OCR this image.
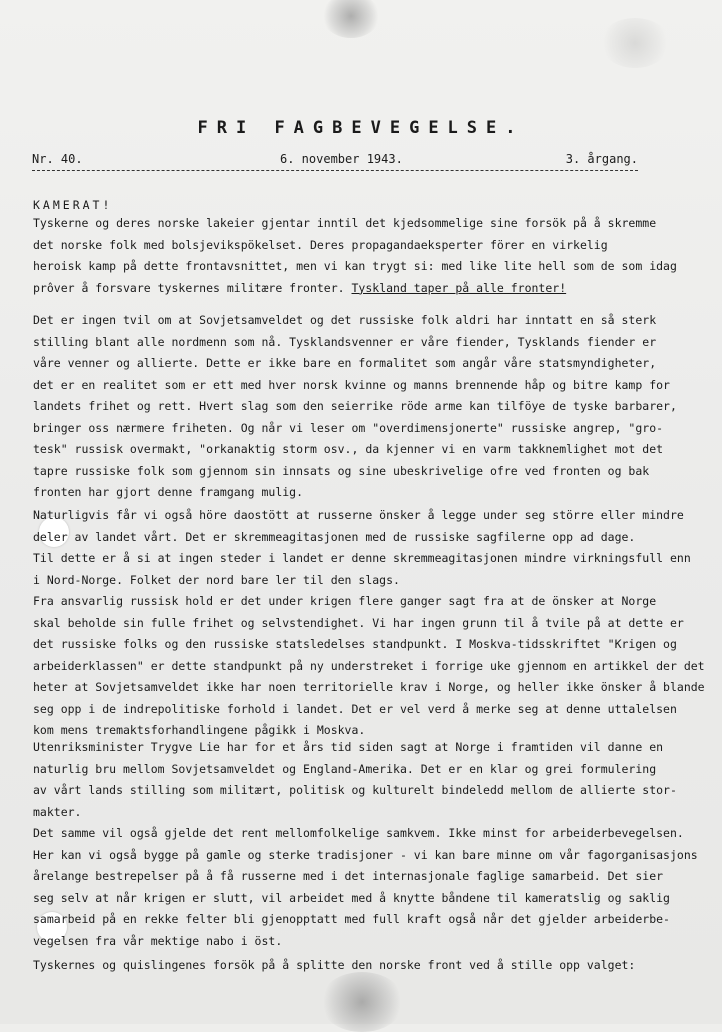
FRI FAGBEVEGELSE.
Nr. 40.	6. november 1943.	3. årgang.

KAMERAT!

Tyskerne og deres norske lakeier gjentar inntil det kjedsommelige sine forsök på å skremme
det norske folk med bolsjevikspökelset. Deres propagandaeksperter förer en virkelig
heroisk kamp på dette frontavsnittet, men vi kan trygt si: med like lite hell som de som idag
prôver å forsvare tyskernes militære fronter. Tyskland taper på alle fronter!

Det er ingen tvil om at Sovjetsamveldet og det russiske folk aldri har inntatt en så sterk
stilling blant alle nordmenn som nå. Tysklandsvenner er våre fiender, Tysklands fiender er
våre venner og allierte. Dette er ikke bare en formalitet som angår våre statsmyndigheter,
det er en realitet som er ett med hver norsk kvinne og manns brennende håp og bitre kamp for
landets frihet og rett. Hvert slag som den seierrike röde arme kan tilföye de tyske barbarer,
bringer oss nærmere friheten. Og når vi leser om "overdimensjonerte" russiske angrep, "gro-
tesk" russisk overmakt, "orkanaktig storm osv., da kjenner vi en varm takknemlighet mot det
tapre russiske folk som gjennom sin innsats og sine ubeskrivelige ofre ved fronten og bak
fronten har gjort denne framgang mulig.

Naturligvis får vi også höre daostött at russerne önsker å legge under seg större eller mindre
deler av landet vårt. Det er skremmeagitasjonen med de russiske sagfilerne opp ad dage.
Til dette er å si at ingen steder i landet er denne skremmeagitasjonen mindre virkningsfull enn
i Nord-Norge. Folket der nord bare ler til den slags.
Fra ansvarlig russisk hold er det under krigen flere ganger sagt fra at de önsker at Norge
skal beholde sin fulle frihet og selvstendighet. Vi har ingen grunn til å tvile på at dette er
det russiske folks og den russiske statsledelses standpunkt. I Moskva-tidsskriftet "Krigen og
arbeiderklassen" er dette standpunkt på ny understreket i forrige uke gjennom en artikkel der det
heter at Sovjetsamveldet ikke har noen territorielle krav i Norge, og heller ikke önsker å blande
seg opp i de indrepolitiske forhold i landet. Det er vel verd å merke seg at denne uttalelsen
kom mens tremaktsforhandlingene pågikk i Moskva.

Utenriksminister Trygve Lie har for et års tid siden sagt at Norge i framtiden vil danne en
naturlig bru mellom Sovjetsamveldet og England-Amerika. Det er en klar og grei formulering
av vårt lands stilling som militært, politisk og kulturelt bindeledd mellom de allierte stor-
makter.
Det samme vil også gjelde det rent mellomfolkelige samkvem. Ikke minst for arbeiderbevegelsen.
Her kan vi også bygge på gamle og sterke tradisjoner - vi kan bare minne om vår fagorganisasjons
årelange bestrepelser på å få russerne med i det internasjonale faglige samarbeid. Det sier
seg selv at når krigen er slutt, vil arbeidet med å knytte båndene til kameratslig og saklig
samarbeid på en rekke felter bli gjenopptatt med full kraft også når det gjelder arbeiderbe-
vegelsen fra vår mektige nabo i öst.

Tyskernes og quislingenes forsök på å splitte den norske front ved å stille opp valget:
